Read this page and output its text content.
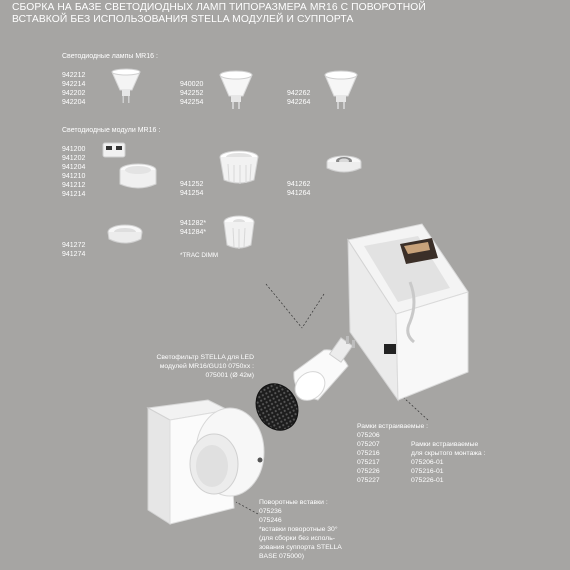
СБОРКА НА БАЗЕ СВЕТОДИОДНЫХ ЛАМП ТИПОРАЗМЕРА MR16 С ПОВОРОТНОЙ
ВСТАВКОЙ БЕЗ ИСПОЛЬЗОВАНИЯ STELLA МОДУЛЕЙ И СУППОРТА
Светодиодные лампы MR16 :
942212
942214
942202
942204
940020
942252
942254
942262
942264
Светодиодные модули MR16 :
941200
941202
941204
941210
941212
941214
941252
941254
941262
941264
941272
941274
941282*
941284*
*TRAC DIMM
Светофильтр STELLA для LED
модулей MR16/GU10 0750xx :
075001 (Ø 42м)
Рамки встраиваемые :
075206
075207
075216
075217
075226
075227
Рамки встраиваемые
для скрытого монтажа :
075206-01
075216-01
075226-01
Поворотные вставки :
075236
075246
*вставки поворотные 30°
(для сборки без исполь-
зования суппорта STELLA
BASE 075000)
